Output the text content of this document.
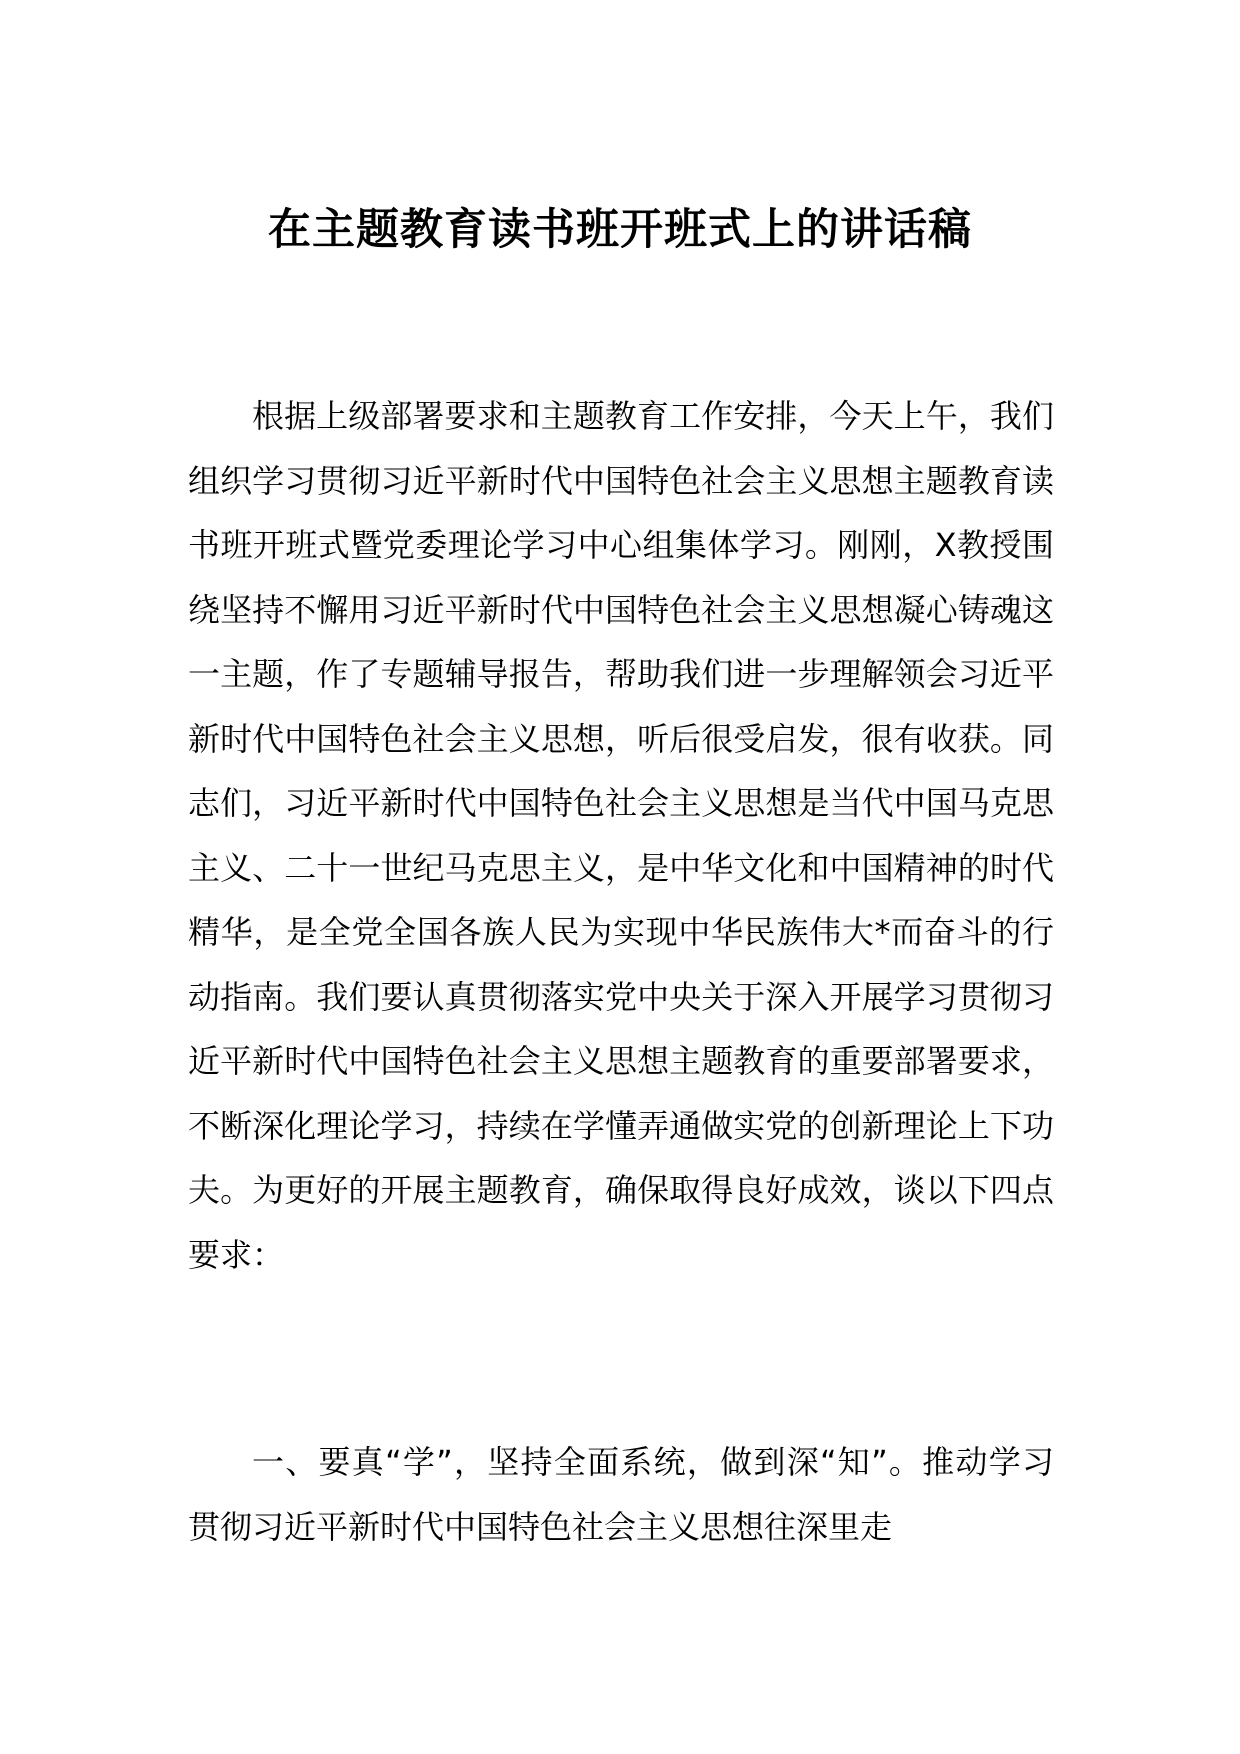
在主题教育读书班开班式上的讲话稿

根据上级部署要求和主题教育工作安排，今天上午，我们组织学习贯彻习近平新时代中国特色社会主义思想主题教育读书班开班式暨党委理论学习中心组集体学习。刚刚，X教授围绕坚持不懈用习近平新时代中国特色社会主义思想凝心铸魂这一主题，作了专题辅导报告，帮助我们进一步理解领会习近平新时代中国特色社会主义思想，听后很受启发，很有收获。同志们，习近平新时代中国特色社会主义思想是当代中国马克思主义、二十一世纪马克思主义，是中华文化和中国精神的时代精华，是全党全国各族人民为实现中华民族伟大*而奋斗的行动指南。我们要认真贯彻落实党中央关于深入开展学习贯彻习近平新时代中国特色社会主义思想主题教育的重要部署要求，不断深化理论学习，持续在学懂弄通做实党的创新理论上下功夫。为更好的开展主题教育，确保取得良好成效，谈以下四点要求：

一、要真“学”，坚持全面系统，做到深“知”。推动学习贯彻习近平新时代中国特色社会主义思想往深里走
